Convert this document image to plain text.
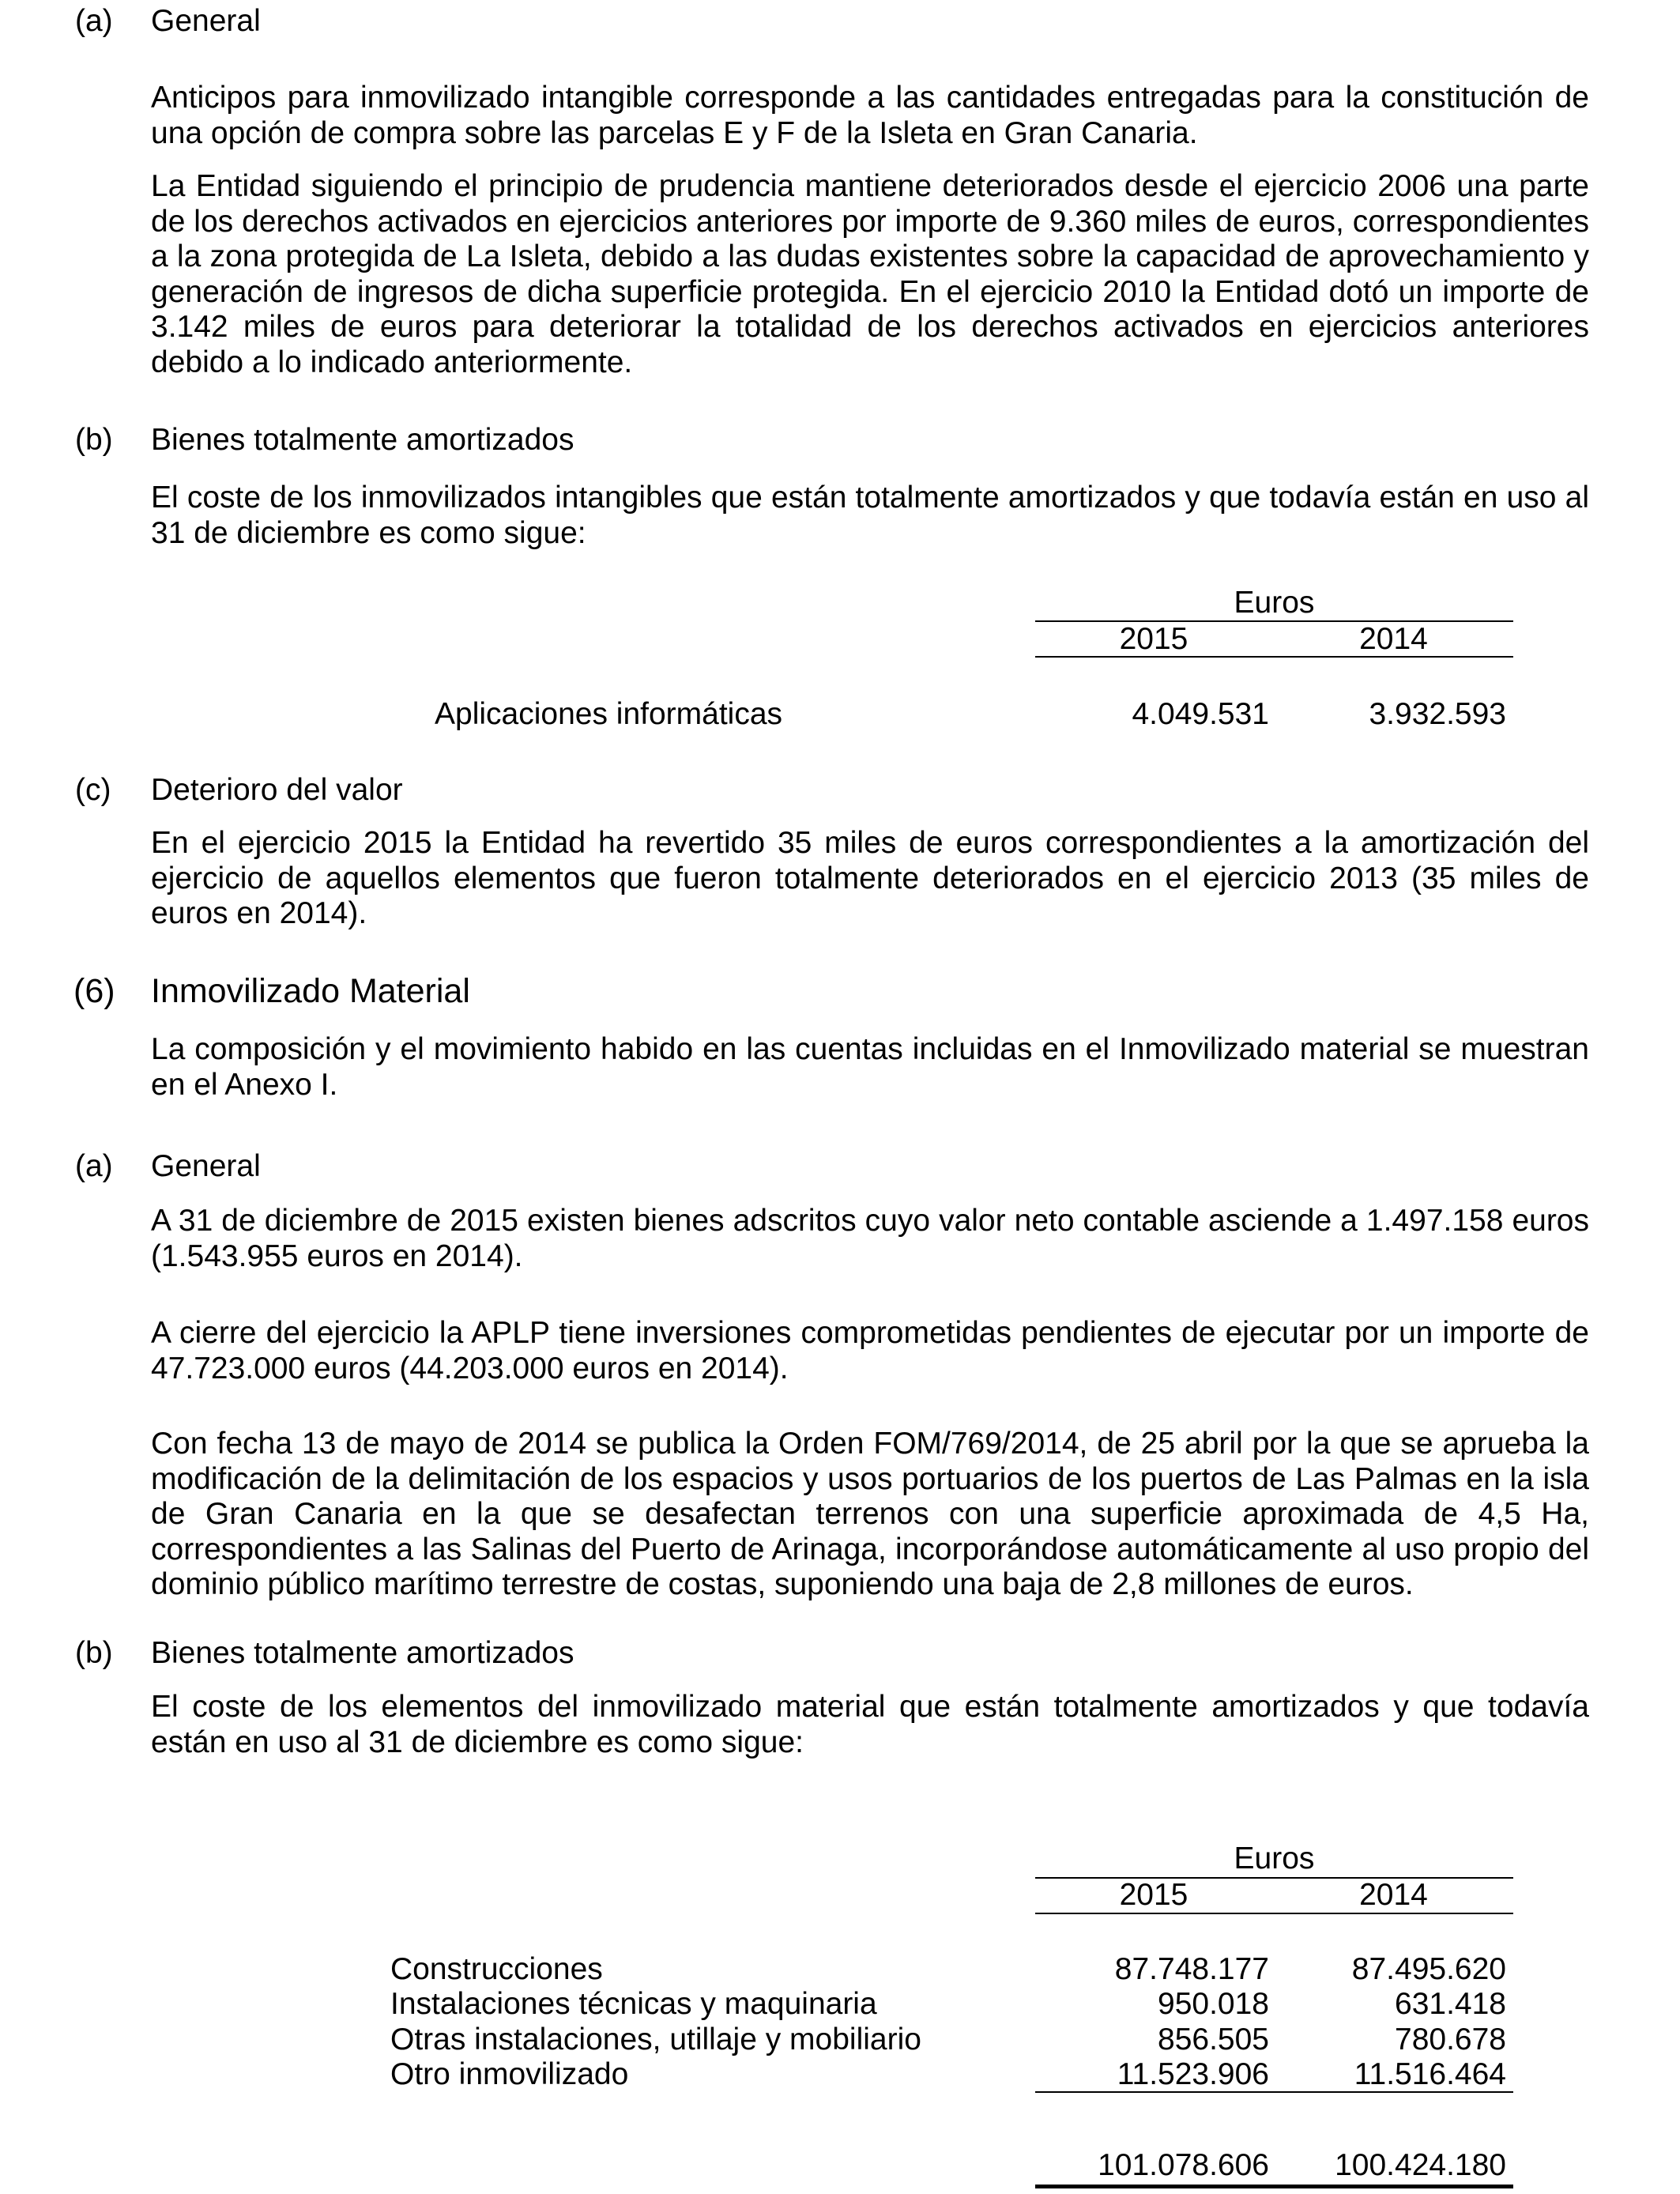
(a)	General
Anticipos para inmovilizado intangible corresponde a las cantidades entregadas para la constitución de una opción de compra sobre las parcelas E y F de la Isleta en Gran Canaria.
La Entidad siguiendo el principio de prudencia mantiene deteriorados desde el ejercicio 2006 una parte de los derechos activados en ejercicios anteriores por importe de 9.360 miles de euros, correspondientes a la zona protegida de La Isleta, debido a las dudas existentes sobre la capacidad de aprovechamiento y generación de ingresos de dicha superficie protegida. En el ejercicio 2010 la Entidad dotó un importe de 3.142 miles de euros para deteriorar la totalidad de los derechos activados en ejercicios anteriores debido a lo indicado anteriormente.
(b)	Bienes totalmente amortizados
El coste de los inmovilizados intangibles que están totalmente amortizados y que todavía están en uso al 31 de diciembre es como sigue:
Euros
2015	2014
Aplicaciones informáticas	4.049.531	3.932.593
(c)	Deterioro del valor
En el ejercicio 2015 la Entidad ha revertido 35 miles de euros correspondientes a la amortización del ejercicio de aquellos elementos que fueron totalmente deteriorados en el ejercicio 2013 (35 miles de euros en 2014).
(6) Inmovilizado Material
La composición y el movimiento habido en las cuentas incluidas en el Inmovilizado material se muestran en el Anexo I.
(a)	General
A 31 de diciembre de 2015 existen bienes adscritos cuyo valor neto contable asciende a 1.497.158 euros (1.543.955 euros en 2014).
A cierre del ejercicio la APLP tiene inversiones comprometidas pendientes de ejecutar por un importe de 47.723.000 euros (44.203.000 euros en 2014).
Con fecha 13 de mayo de 2014 se publica la Orden FOM/769/2014, de 25 abril por la que se aprueba la modificación de la delimitación de los espacios y usos portuarios de los puertos de Las Palmas en la isla de Gran Canaria en la que se desafectan terrenos con una superficie aproximada de 4,5 Ha, correspondientes a las Salinas del Puerto de Arinaga, incorporándose automáticamente al uso propio del dominio público marítimo terrestre de costas, suponiendo una baja de 2,8 millones de euros.
(b)	Bienes totalmente amortizados
El coste de los elementos del inmovilizado material que están totalmente amortizados y que todavía están en uso al 31 de diciembre es como sigue:
Euros
2015	2014
Construcciones	87.748.177	87.495.620
Instalaciones técnicas y maquinaria	950.018	631.418
Otras instalaciones, utillaje y mobiliario	856.505	780.678
Otro inmovilizado	11.523.906	11.516.464
101.078.606	100.424.180
